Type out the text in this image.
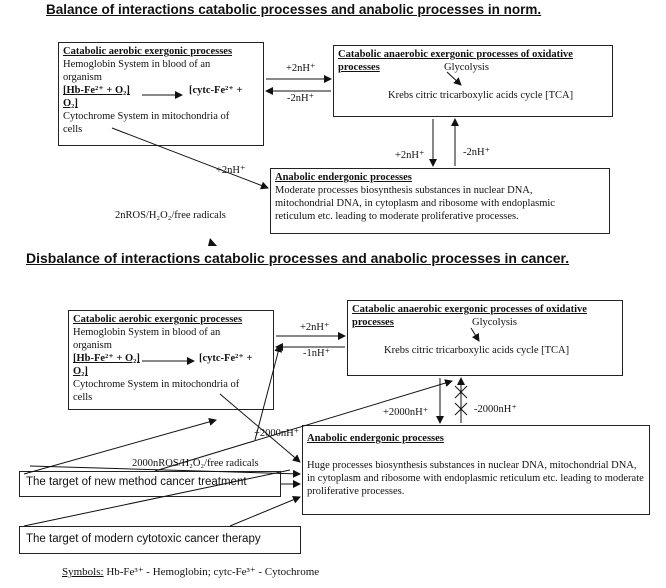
Balance of interactions catabolic processes and anabolic processes in norm.
Disbalance of interactions catabolic processes and anabolic processes in cancer.
Catabolic aerobic exergonic processes
Hemoglobin System in blood of an
organism
[Hb-Fe²⁺ + O₂]	[cytc-Fe²⁺ +
O₂]
Cytochrome System in mitochondria of
cells
Catabolic anaerobic exergonic processes of oxidative
processes	Glycolysis
Krebs citric tricarboxylic acids cycle [TCA]
Anabolic endergonic processes
Moderate processes biosynthesis substances in nuclear DNA,
mitochondrial DNA, in cytoplasm and ribosome with endoplasmic
reticulum etc. leading to moderate proliferative processes.
+2nH⁺
-2nH⁺
+2nH⁺	-2nH⁺
+2nH⁺
2nROS/H₂O₂/free radicals
Catabolic aerobic exergonic processes
Hemoglobin System in blood of an
organism
[Hb-Fe²⁺ + O₂]	[cytc-Fe²⁺ +
O₂]
Cytochrome System in mitochondria of
cells
Catabolic anaerobic exergonic processes of oxidative
processes	Glycolysis
Krebs citric tricarboxylic acids cycle [TCA]
Anabolic endergonic processes
Huge processes biosynthesis substances in nuclear DNA, mitochondrial DNA,
in cytoplasm and ribosome with endoplasmic reticulum etc. leading to moderate
proliferative processes.
+2nH⁺
-1nH⁺
+2000nH⁺	-2000nH⁺
+2000nH⁺
2000nROS/H₂O₂/free radicals
The target of new method cancer treatment
The target of modern cytotoxic cancer therapy
Symbols: Hb-Fe³⁺ - Hemoglobin; cytc-Fe³⁺ - Cytochrome
